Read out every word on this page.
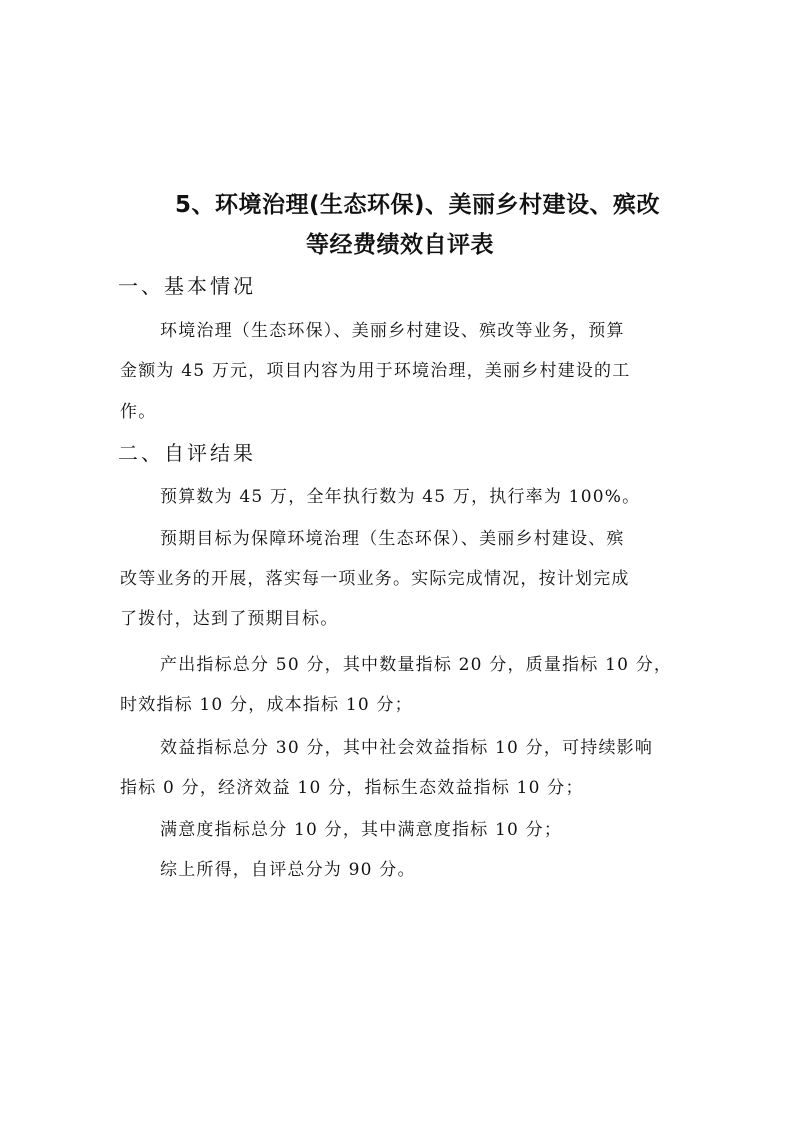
5、环境治理(生态环保)、美丽乡村建设、殡改
等经费绩效自评表
一、基本情况
环境治理（生态环保）、美丽乡村建设、殡改等业务，预算
金额为 45 万元，项目内容为用于环境治理，美丽乡村建设的工
作。
二、自评结果
预算数为 45 万，全年执行数为 45 万，执行率为 100%。
预期目标为保障环境治理（生态环保）、美丽乡村建设、殡
改等业务的开展，落实每一项业务。实际完成情况，按计划完成
了拨付，达到了预期目标。
产出指标总分 50 分，其中数量指标 20 分，质量指标 10 分，
时效指标 10 分，成本指标 10 分；
效益指标总分 30 分，其中社会效益指标 10 分，可持续影响
指标 0 分，经济效益 10 分，指标生态效益指标 10 分；
满意度指标总分 10 分，其中满意度指标 10 分；
综上所得，自评总分为 90 分。
